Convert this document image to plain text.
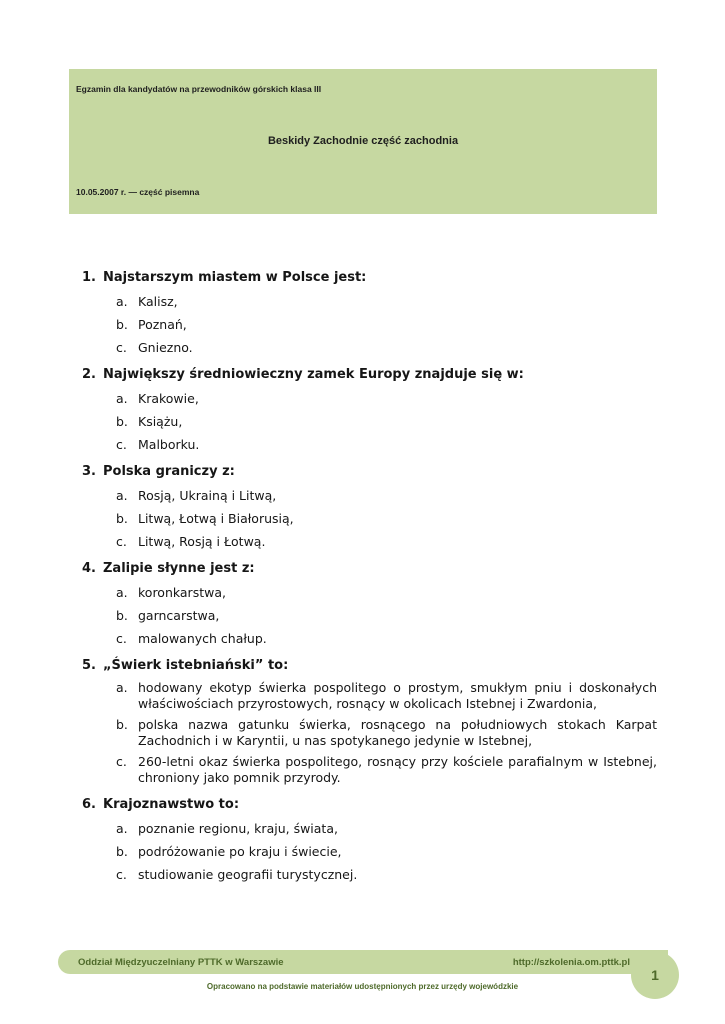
Egzamin dla kandydatów na przewodników górskich klasa III
Beskidy Zachodnie część zachodnia
10.05.2007 r. — część pisemna
1. Najstarszym miastem w Polsce jest:
a. Kalisz,
b. Poznań,
c. Gniezno.
2. Największy średniowieczny zamek Europy znajduje się w:
a. Krakowie,
b. Książu,
c. Malborku.
3. Polska graniczy z:
a. Rosją, Ukrainą i Litwą,
b. Litwą, Łotwą i Białorusią,
c. Litwą, Rosją i Łotwą.
4. Zalipie słynne jest z:
a. koronkarstwa,
b. garncarstwa,
c. malowanych chałup.
5. „Świerk istebniański” to:
a. hodowany ekotyp świerka pospolitego o prostym, smukłym pniu i doskonałych właściwościach przyrostowych, rosnący w okolicach Istebnej i Zwardonia,
b. polska nazwa gatunku świerka, rosnącego na południowych stokach Karpat Zachodnich i w Karyntii, u nas spotykanego jedynie w Istebnej,
c. 260-letni okaz świerka pospolitego, rosnący przy kościele parafialnym w Istebnej, chroniony jako pomnik przyrody.
6. Krajoznawstwo to:
a. poznanie regionu, kraju, świata,
b. podróżowanie po kraju i świecie,
c. studiowanie geografii turystycznej.
Oddział Międzyuczelniany PTTK w Warszawie	http://szkolenia.om.pttk.pl
1
Opracowano na podstawie materiałów udostępnionych przez urzędy wojewódzkie
